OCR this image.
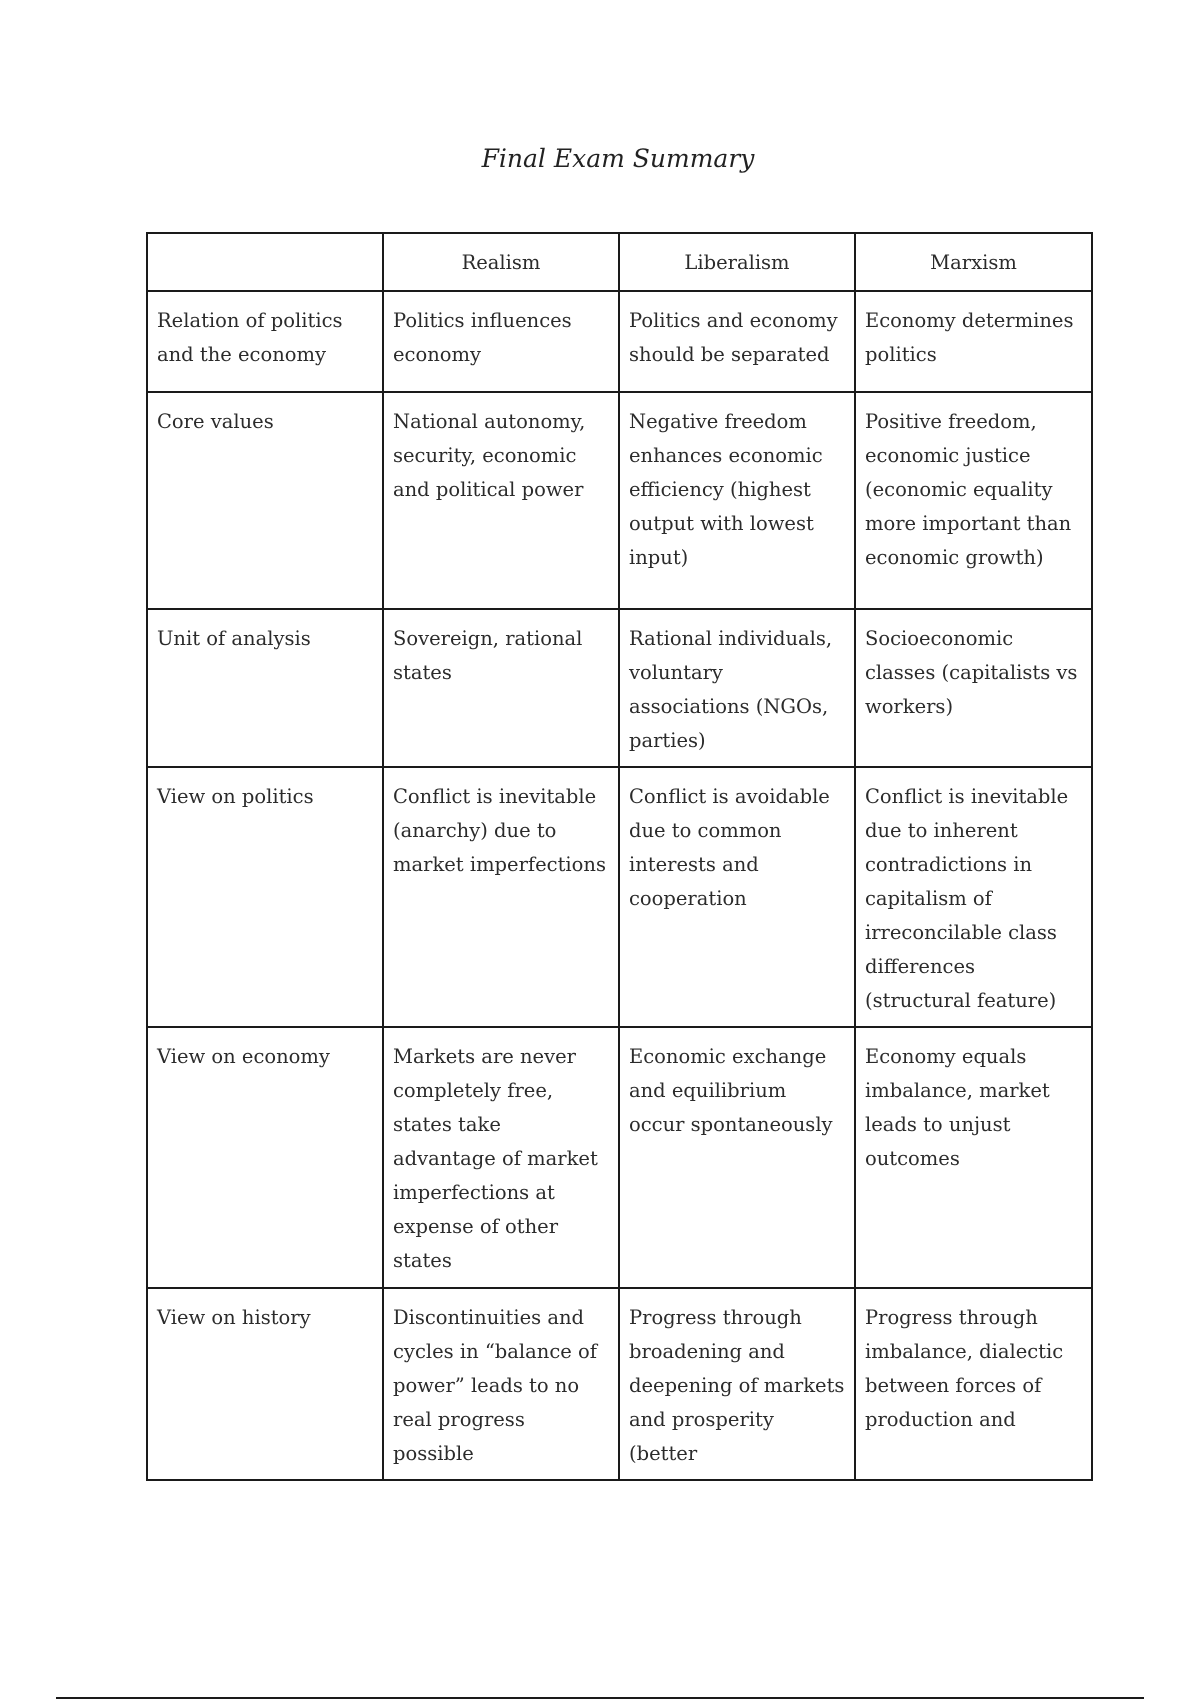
Final Exam Summary
	Realism	Liberalism	Marxism
Relation of politics and the economy	Politics influences economy	Politics and economy should be separated	Economy determines politics
Core values	National autonomy, security, economic and political power	Negative freedom enhances economic efficiency (highest output with lowest input)	Positive freedom, economic justice (economic equality more important than economic growth)
Unit of analysis	Sovereign, rational states	Rational individuals, voluntary associations (NGOs, parties)	Socioeconomic classes (capitalists vs workers)
View on politics	Conflict is inevitable (anarchy) due to market imperfections	Conflict is avoidable due to common interests and cooperation	Conflict is inevitable due to inherent contradictions in capitalism of irreconcilable class differences (structural feature)
View on economy	Markets are never completely free, states take advantage of market imperfections at expense of other states	Economic exchange and equilibrium occur spontaneously	Economy equals imbalance, market leads to unjust outcomes
View on history	Discontinuities and cycles in “balance of power” leads to no real progress possible	Progress through broadening and deepening of markets and prosperity (better	Progress through imbalance, dialectic between forces of production and
